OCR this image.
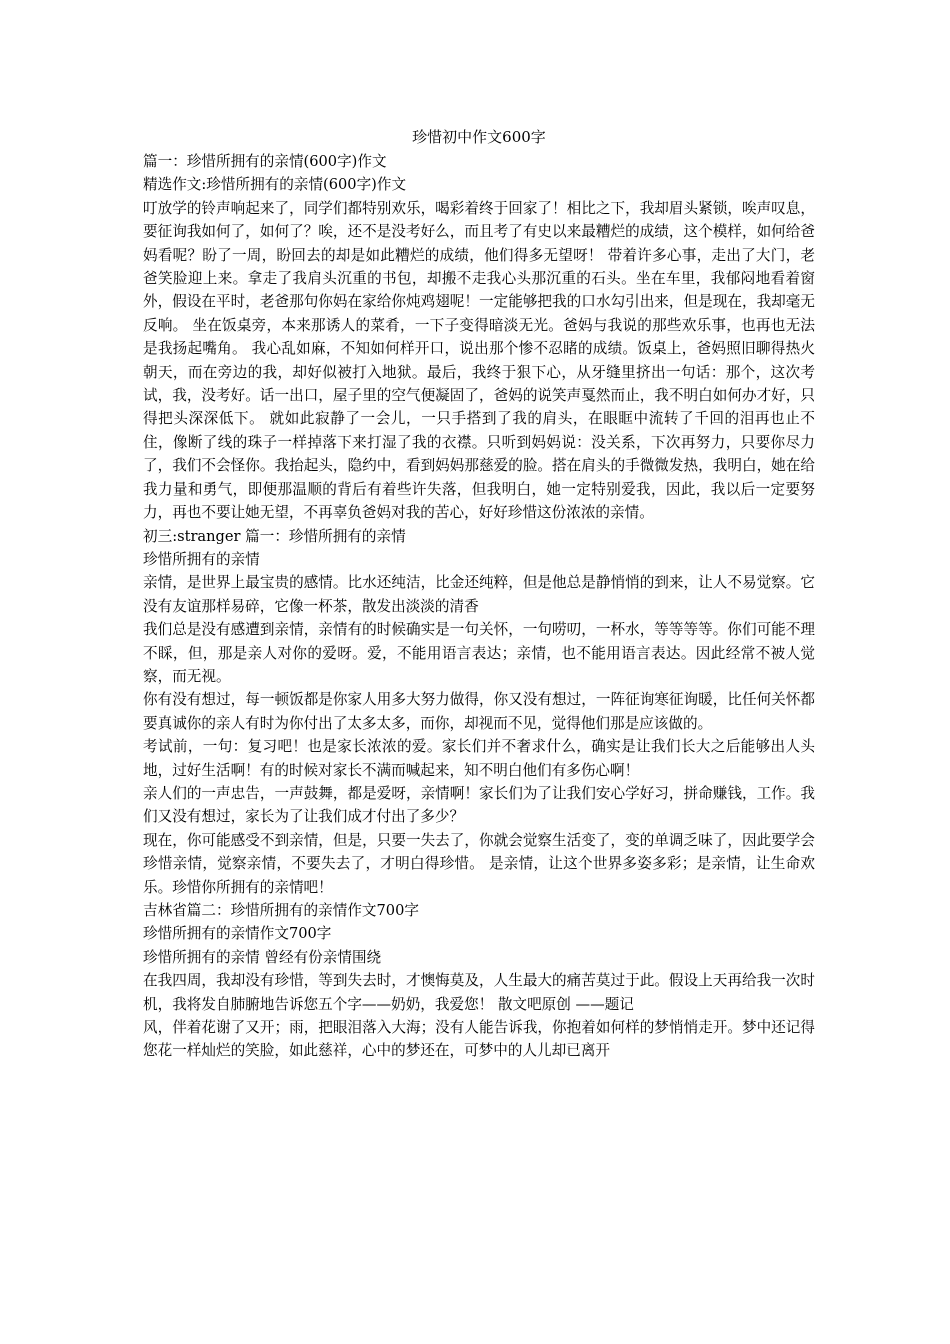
珍惜初中作文600字

篇一：珍惜所拥有的亲情(600字)作文

精选作文:珍惜所拥有的亲情(600字)作文

叮放学的铃声响起来了，同学们都特别欢乐，喝彩着终于回家了！相比之下，我却眉头紧锁，唉声叹息，要征询我如何了，如何了？唉，还不是没考好么，而且考了有史以来最糟烂的成绩，这个模样，如何给爸妈看呢？盼了一周，盼回去的却是如此糟烂的成绩，他们得多无望呀！ 带着许多心事，走出了大门，老爸笑脸迎上来。拿走了我肩头沉重的书包，却搬不走我心头那沉重的石头。坐在车里，我郁闷地看着窗外，假设在平时，老爸那句你妈在家给你炖鸡翅呢！一定能够把我的口水勾引出来，但是现在，我却毫无反响。 坐在饭桌旁，本来那诱人的菜肴，一下子变得暗淡无光。爸妈与我说的那些欢乐事，也再也无法是我扬起嘴角。 我心乱如麻，不知如何样开口，说出那个惨不忍睹的成绩。饭桌上，爸妈照旧聊得热火朝天，而在旁边的我，却好似被打入地狱。最后，我终于狠下心，从牙缝里挤出一句话：那个，这次考试，我，没考好。话一出口，屋子里的空气便凝固了，爸妈的说笑声戛然而止，我不明白如何办才好，只得把头深深低下。 就如此寂静了一会儿，一只手搭到了我的肩头，在眼眶中流转了千回的泪再也止不住，像断了线的珠子一样掉落下来打湿了我的衣襟。只听到妈妈说：没关系，下次再努力，只要你尽力了，我们不会怪你。我抬起头，隐约中，看到妈妈那慈爱的脸。搭在肩头的手微微发热，我明白，她在给我力量和勇气，即便那温顺的背后有着些许失落，但我明白，她一定特别爱我，因此，我以后一定要努力，再也不要让她无望，不再辜负爸妈对我的苦心，好好珍惜这份浓浓的亲情。

初三:stranger 篇一：珍惜所拥有的亲情

珍惜所拥有的亲情

亲情，是世界上最宝贵的感情。比水还纯洁，比金还纯粹，但是他总是静悄悄的到来，让人不易觉察。它没有友谊那样易碎，它像一杯茶，散发出淡淡的清香

我们总是没有感遭到亲情，亲情有的时候确实是一句关怀，一句唠叨，一杯水，等等等等。你们可能不理不睬，但，那是亲人对你的爱呀。爱，不能用语言表达；亲情，也不能用语言表达。因此经常不被人觉察，而无视。

你有没有想过，每一顿饭都是你家人用多大努力做得，你又没有想过，一阵征询寒征询暖，比任何关怀都要真诚你的亲人有时为你付出了太多太多，而你，却视而不见，觉得他们那是应该做的。

考试前，一句：复习吧！也是家长浓浓的爱。家长们并不奢求什么，确实是让我们长大之后能够出人头地，过好生活啊！有的时候对家长不满而喊起来，知不明白他们有多伤心啊！

亲人们的一声忠告，一声鼓舞，都是爱呀，亲情啊！家长们为了让我们安心学好习，拼命赚钱，工作。我们又没有想过，家长为了让我们成才付出了多少？

现在，你可能感受不到亲情，但是，只要一失去了，你就会觉察生活变了，变的单调乏味了，因此要学会珍惜亲情，觉察亲情，不要失去了，才明白得珍惜。 是亲情，让这个世界多姿多彩；是亲情，让生命欢乐。珍惜你所拥有的亲情吧！

吉林省篇二：珍惜所拥有的亲情作文700字

珍惜所拥有的亲情作文700字

珍惜所拥有的亲情 曾经有份亲情围绕

在我四周，我却没有珍惜，等到失去时，才懊悔莫及，人生最大的痛苦莫过于此。假设上天再给我一次时机，我将发自肺腑地告诉您五个字——奶奶，我爱您！ 散文吧原创 ——题记

风，伴着花谢了又开；雨，把眼泪落入大海；没有人能告诉我，你抱着如何样的梦悄悄走开。梦中还记得您花一样灿烂的笑脸，如此慈祥，心中的梦还在，可梦中的人儿却已离开
